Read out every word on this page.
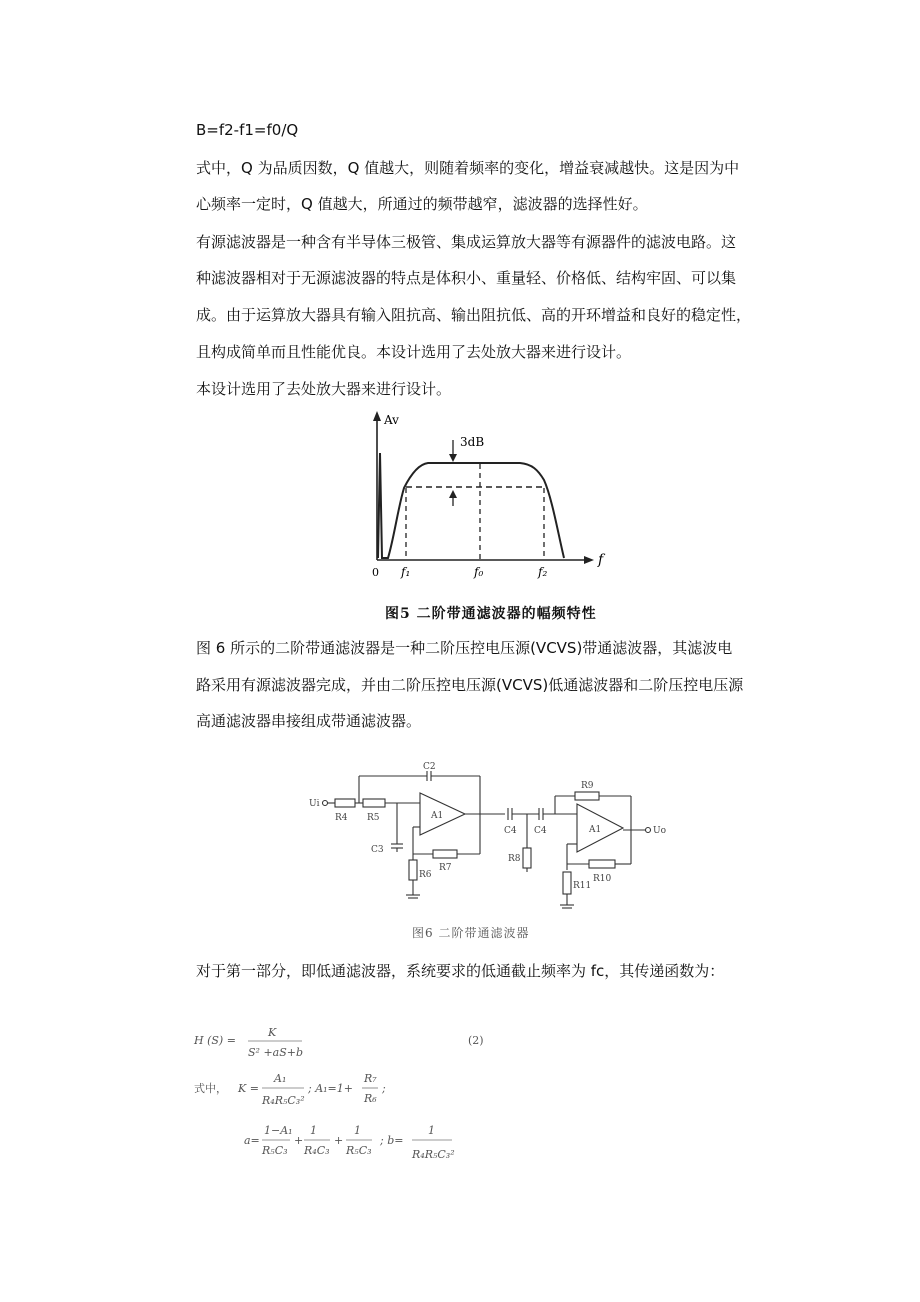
B=f2-f1=f0/Q
式中，Q 为品质因数，Q 值越大，则随着频率的变化，增益衰减越快。这是因为中
心频率一定时，Q 值越大，所通过的频带越窄，滤波器的选择性好。
有源滤波器是一种含有半导体三极管、集成运算放大器等有源器件的滤波电路。这
种滤波器相对于无源滤波器的特点是体积小、重量轻、价格低、结构牢固、可以集
成。由于运算放大器具有输入阻抗高、输出阻抗低、高的开环增益和良好的稳定性，
且构成简单而且性能优良。本设计选用了去处放大器来进行设计。
本设计选用了去处放大器来进行设计。
Av
3dB
f
0 f₁	f₀	f₂
图5 二阶带通滤波器的幅频特性
图 6 所示的二阶带通滤波器是一种二阶压控电压源(VCVS)带通滤波器，其滤波电
路采用有源滤波器完成，并由二阶压控电压源(VCVS)低通滤波器和二阶压控电压源
高通滤波器串接组成带通滤波器。
Ui
Uo
C2
R4 R5
C3
R6
R7
A1
C4 C4
R8
R9
A1
R10
R11
图6 二阶带通滤波器
对于第一部分，即低通滤波器，系统要求的低通截止频率为 fc，其传递函数为：
H (S) =
K
S² +aS+b
(2)
式中， K =
A₁
R₄R₅C₃²
; A₁=1+
R₇
R₆
;
a=
1−A₁
R₅C₃
+
1
R₄C₃
+
1
R₅C₃
; b=
1
R₄R₅C₃²
